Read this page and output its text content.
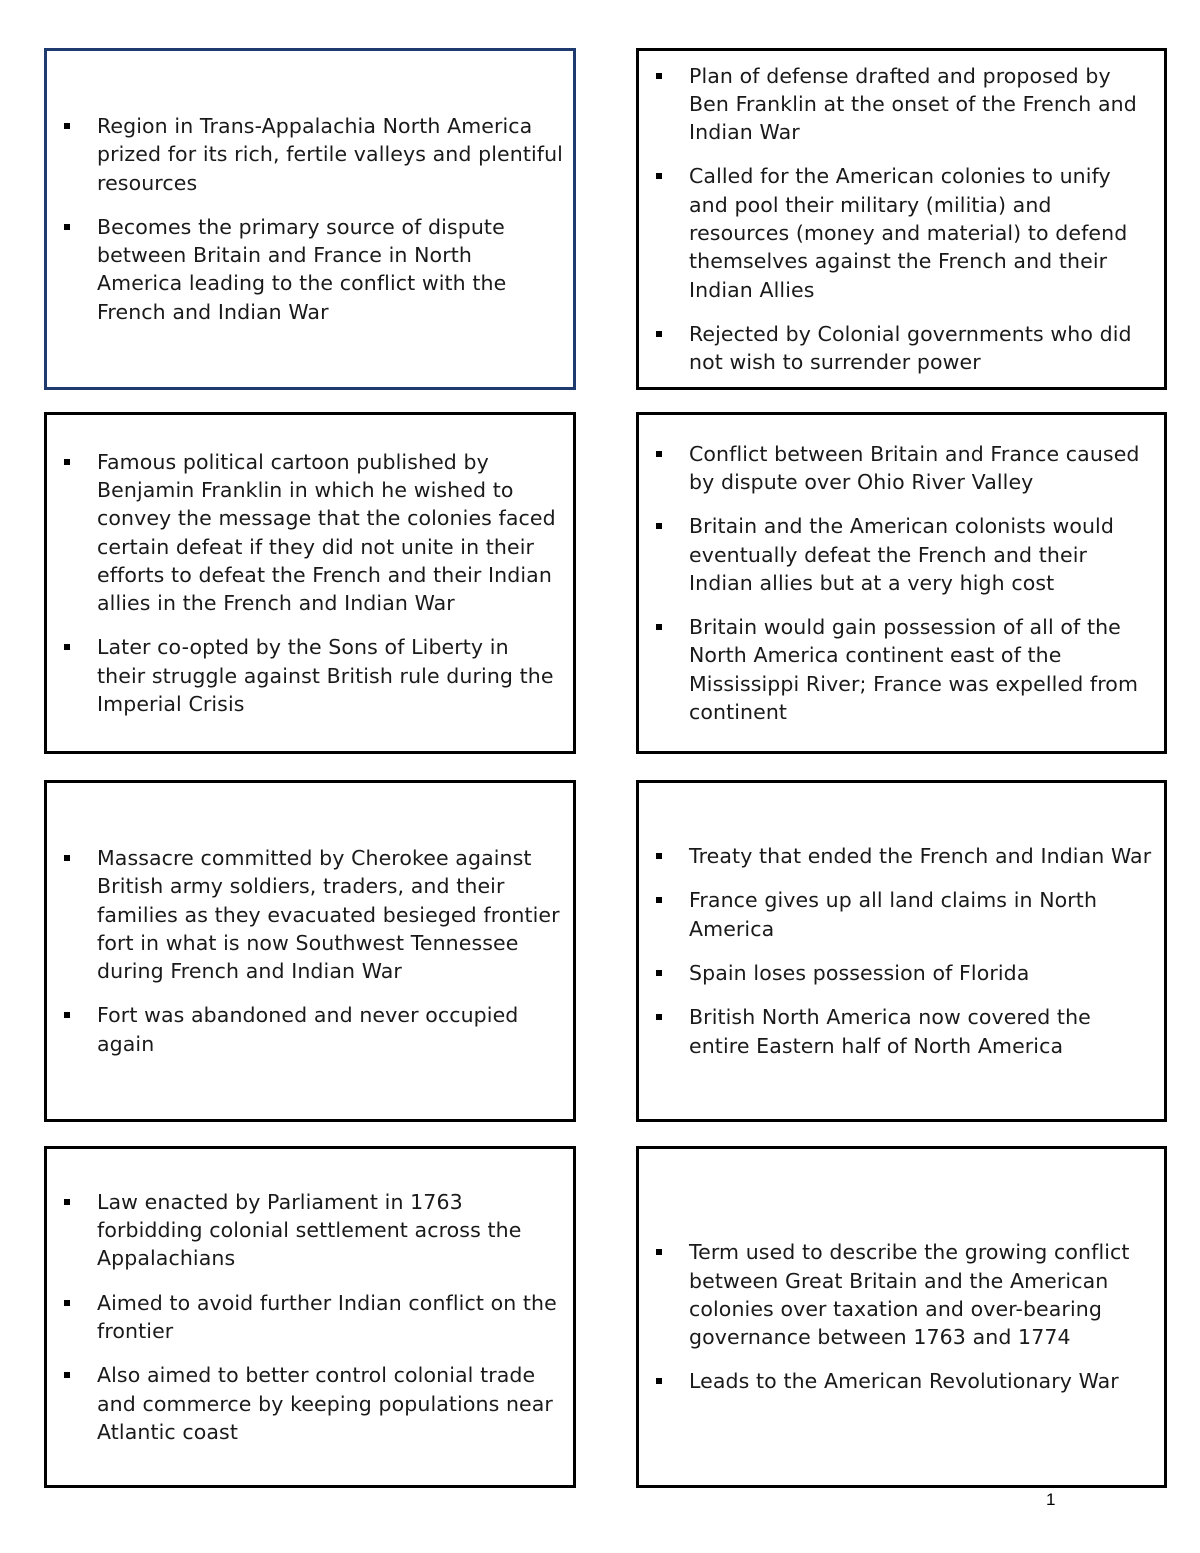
Region in Trans-Appalachia North America prized for its rich, fertile valleys and plentiful resources
Becomes the primary source of dispute between Britain and France in North America leading to the conflict with the French and Indian War
Plan of defense drafted and proposed by Ben Franklin at the onset of the French and Indian War
Called for the American colonies to unify and pool their military (militia) and resources (money and material) to defend themselves against the French and their Indian Allies
Rejected by Colonial governments who did not wish to surrender power
Famous political cartoon published by Benjamin Franklin in which he wished to convey the message that the colonies faced certain defeat if they did not unite in their efforts to defeat the French and their Indian allies in the French and Indian War
Later co-opted by the Sons of Liberty in their struggle against British rule during the Imperial Crisis
Conflict between Britain and France caused by dispute over Ohio River Valley
Britain and the American colonists would eventually defeat the French and their Indian allies but at a very high cost
Britain would gain possession of all of the North America continent east of the Mississippi River; France was expelled from continent
Massacre committed by Cherokee against British army soldiers, traders, and their families as they evacuated besieged frontier fort in what is now Southwest Tennessee during French and Indian War
Fort was abandoned and never occupied again
Treaty that ended the French and Indian War
France gives up all land claims in North America
Spain loses possession of Florida
British North America now covered the entire Eastern half of North America
Law enacted by Parliament in 1763 forbidding colonial settlement across the Appalachians
Aimed to avoid further Indian conflict on the frontier
Also aimed to better control colonial trade and commerce by keeping populations near Atlantic coast
Term used to describe the growing conflict between Great Britain and the American colonies over taxation and over-bearing governance between 1763 and 1774
Leads to the American Revolutionary War
1
